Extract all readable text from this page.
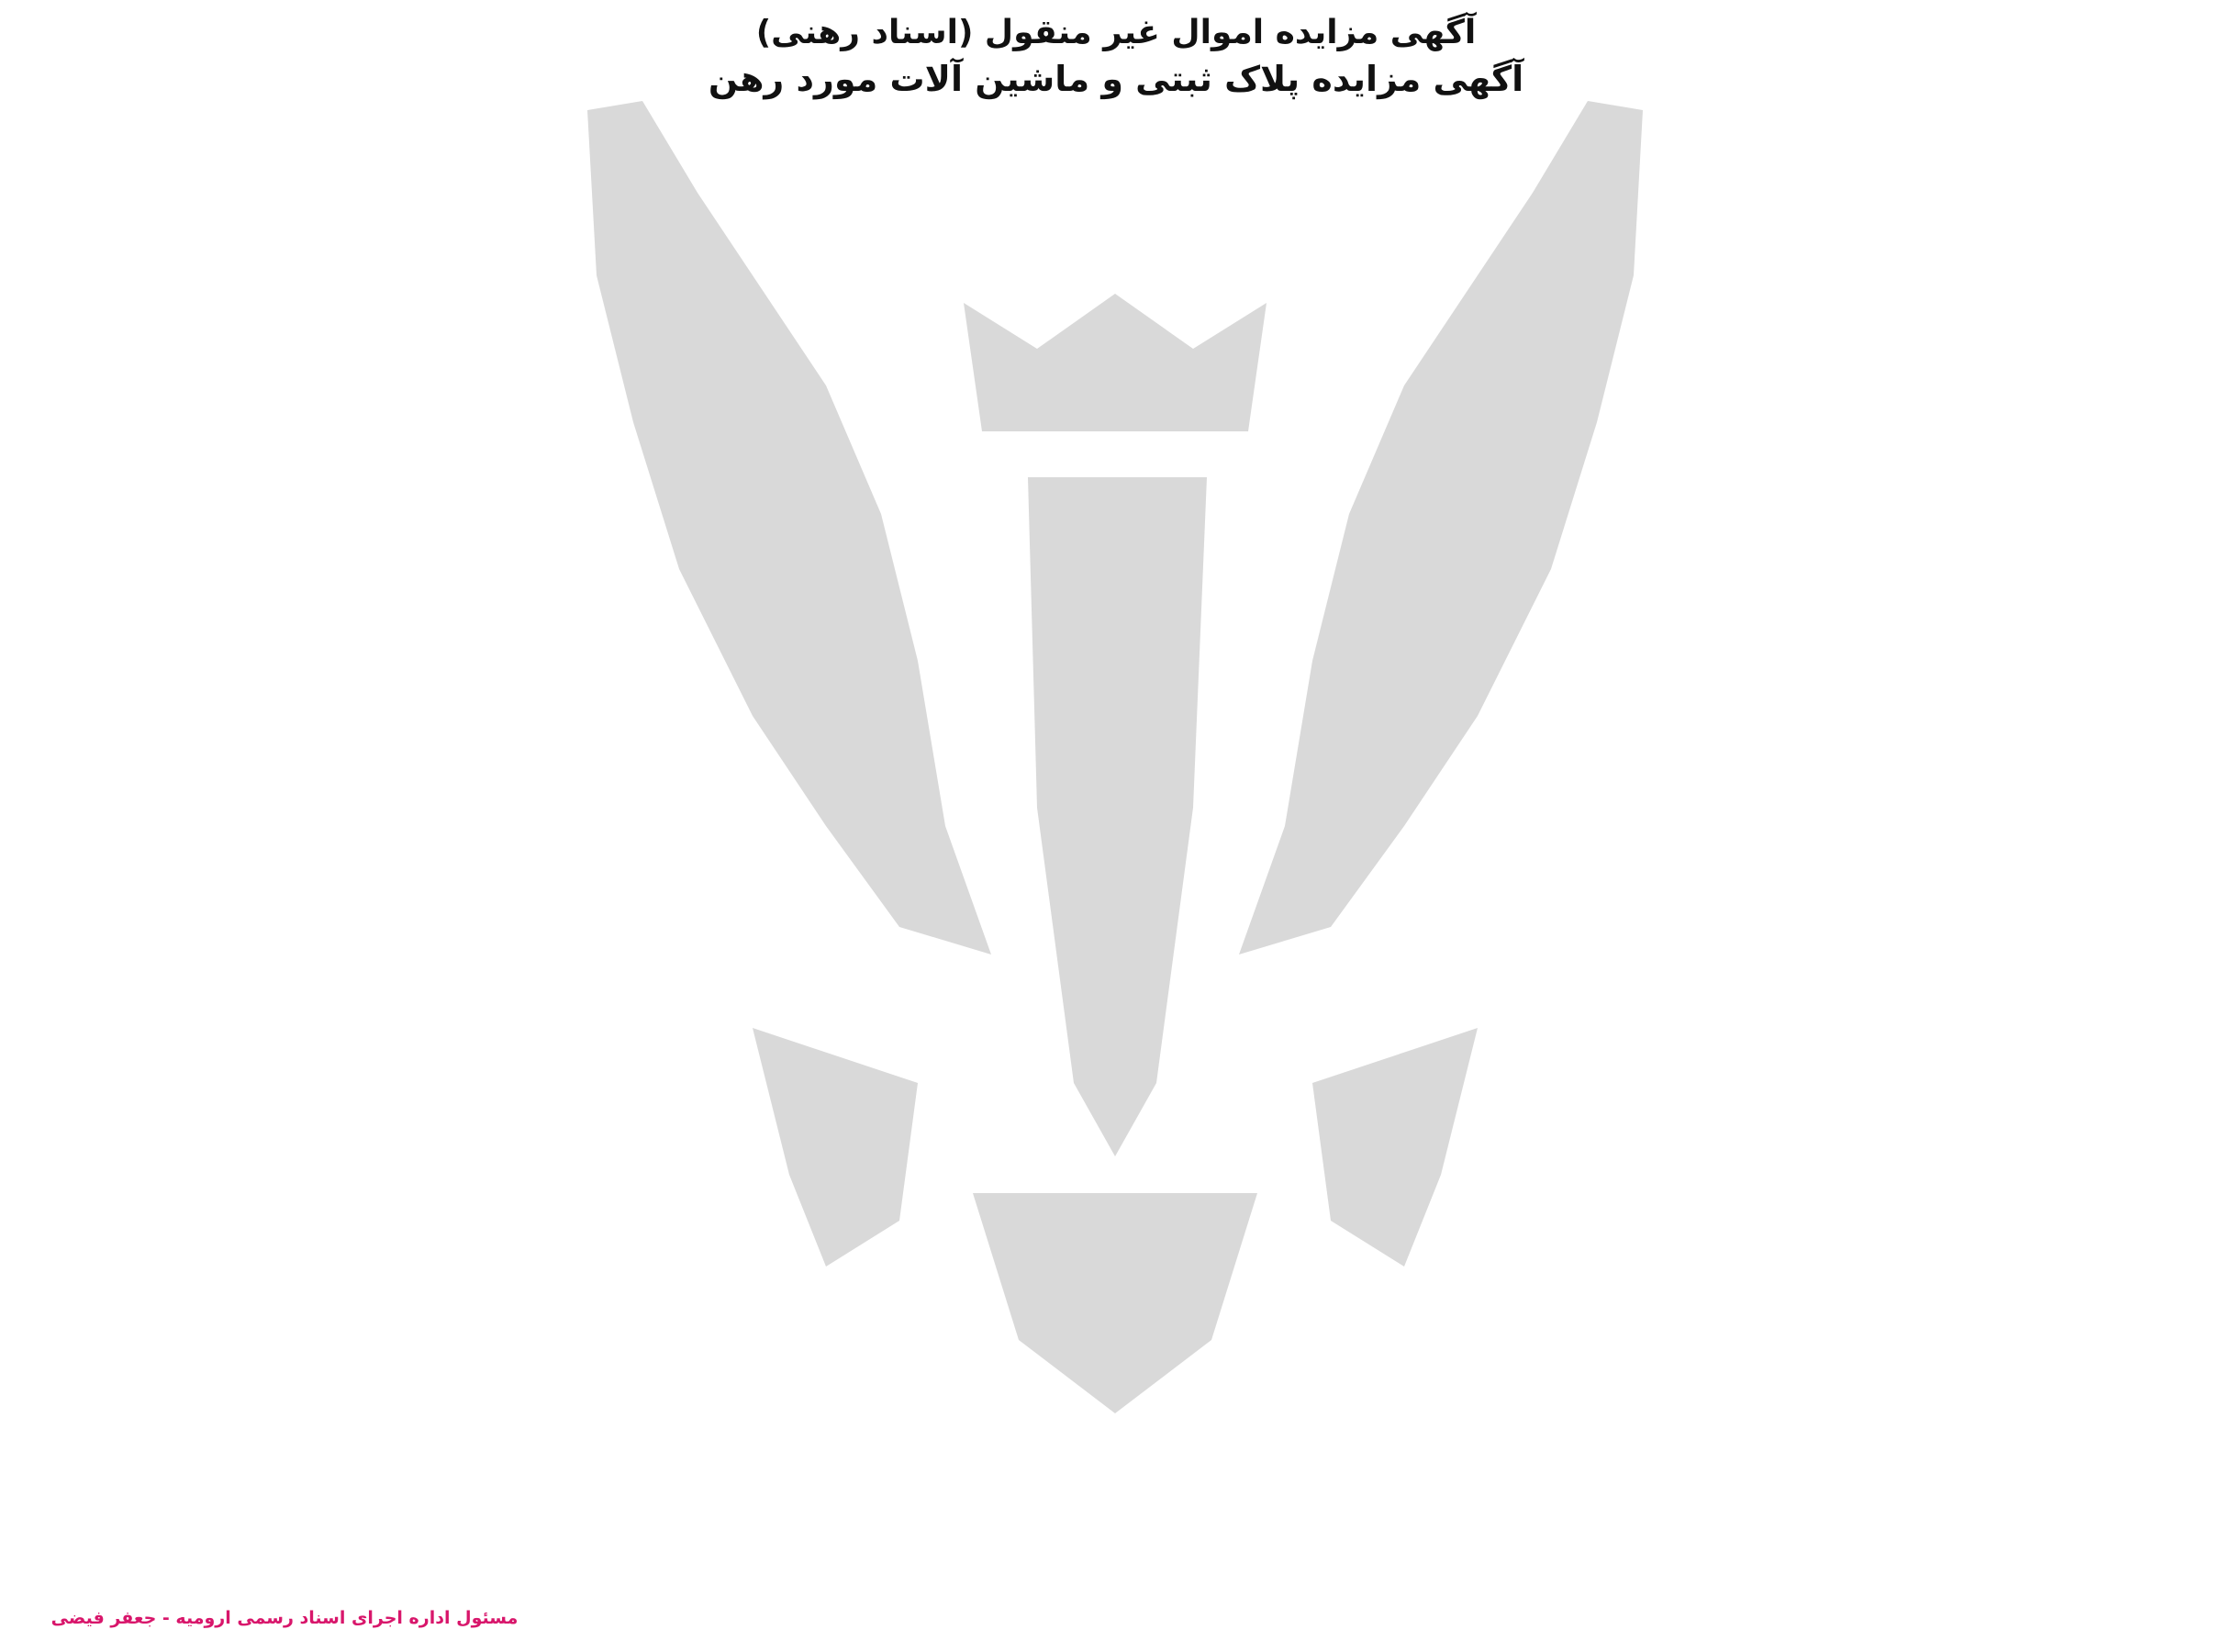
آگهی مزایده اموال غیر منقول (اسناد رهنی)
آگهی مزایده پلاک ثبتی و ماشین آلات مورد رهن
مسئول اداره اجرای اسناد رسمی ارومیه - جعفر فیضی
